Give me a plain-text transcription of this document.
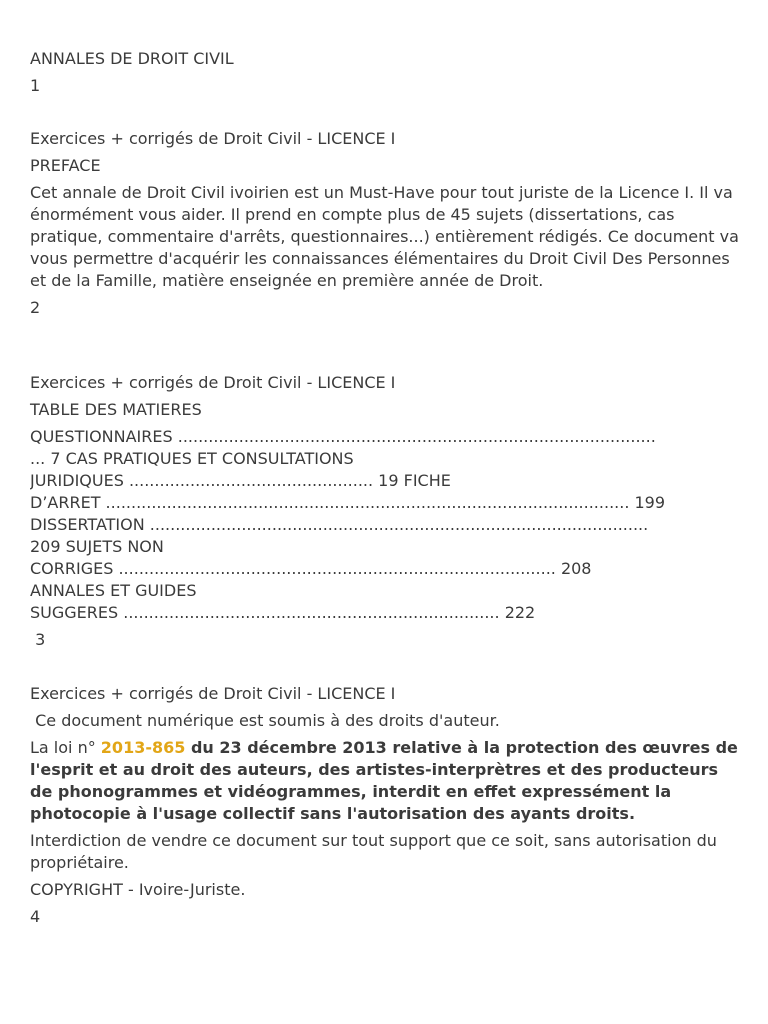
ANNALES DE DROIT CIVIL
1
Exercices + corrigés de Droit Civil - LICENCE I
PREFACE
Cet annale de Droit Civil ivoirien est un Must-Have pour tout juriste de la Licence I. Il va énormément vous aider. Il prend en compte plus de 45 sujets (dissertations, cas pratique, commentaire d'arrêts, questionnaires...) entièrement rédigés. Ce document va vous permettre d'acquérir les connaissances élémentaires du Droit Civil Des Personnes et de la Famille, matière enseignée en première année de Droit.
2
Exercices + corrigés de Droit Civil - LICENCE I
TABLE DES MATIERES
QUESTIONNAIRES ..............................................................................................
... 7 CAS PRATIQUES ET CONSULTATIONS
JURIDIQUES ................................................ 19 FICHE
D’ARRET ....................................................................................................... 199
DISSERTATION ..................................................................................................
209 SUJETS NON
CORRIGES ...................................................................................... 208
ANNALES ET GUIDES
SUGGERES .......................................................................... 222
3
Exercices + corrigés de Droit Civil - LICENCE I
Ce document numérique est soumis à des droits d'auteur.
La loi n° 2013-865 du 23 décembre 2013 relative à la protection des œuvres de l'esprit et au droit des auteurs, des artistes-interprètres et des producteurs de phonogrammes et vidéogrammes, interdit en effet expressément la photocopie à l'usage collectif sans l'autorisation des ayants droits.
Interdiction de vendre ce document sur tout support que ce soit, sans autorisation du propriétaire.
COPYRIGHT - Ivoire-Juriste.
4
